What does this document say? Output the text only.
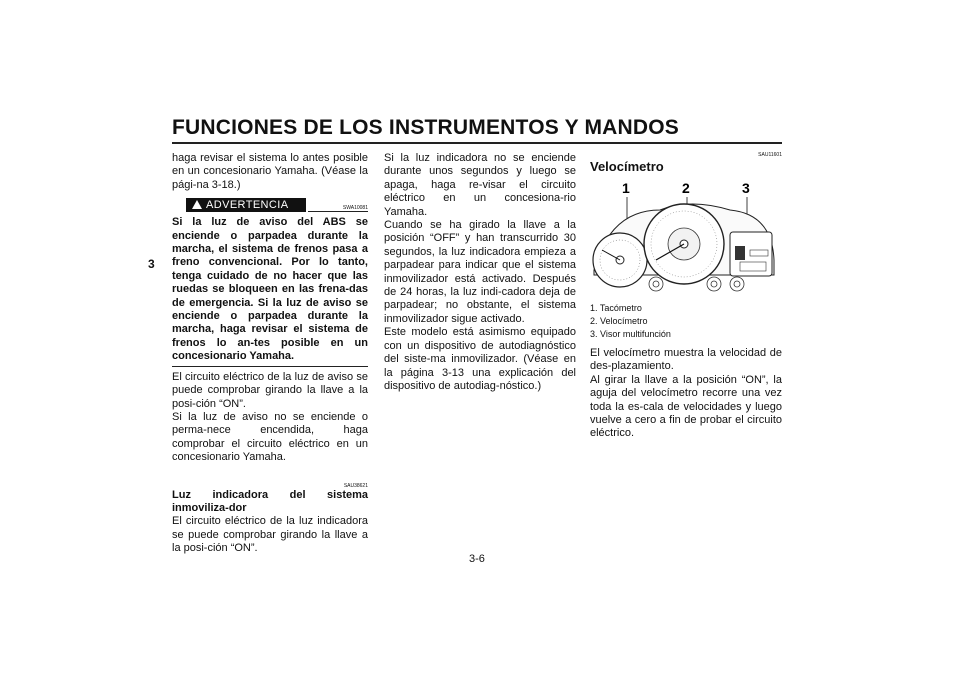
FUNCIONES DE LOS INSTRUMENTOS Y MANDOS
3

haga revisar el sistema lo antes posible en un concesionario Yamaha. (Véase la pági-na 3-18.)

ADVERTENCIA	SWA10081

Si la luz de aviso del ABS se enciende o parpadea durante la marcha, el sistema de frenos pasa a freno convencional. Por lo tanto, tenga cuidado de no hacer que las ruedas se bloqueen en las frena-das de emergencia. Si la luz de aviso se enciende o parpadea durante la marcha, haga revisar el sistema de frenos lo an-tes posible en un concesionario Yamaha.

El circuito eléctrico de la luz de aviso se puede comprobar girando la llave a la posi-ción “ON”.

Si la luz de aviso no se enciende o perma-nece encendida, haga comprobar el circuito eléctrico en un concesionario Yamaha.

SAU38621

Luz indicadora del sistema inmoviliza-dor

El circuito eléctrico de la luz indicadora se puede comprobar girando la llave a la posi-ción “ON”.

Si la luz indicadora no se enciende durante unos segundos y luego se apaga, haga re-visar el circuito eléctrico en un concesiona-rio Yamaha.

Cuando se ha girado la llave a la posición “OFF” y han transcurrido 30 segundos, la luz indicadora empieza a parpadear para indicar que el sistema inmovilizador está activado. Después de 24 horas, la luz indi-cadora deja de parpadear; no obstante, el sistema inmovilizador sigue activado.

Este modelo está asimismo equipado con un dispositivo de autodiagnóstico del siste-ma inmovilizador. (Véase en la página 3-13 una explicación del dispositivo de autodiag-nóstico.)

SAU11601
Velocímetro
1	2	3
1. Tacómetro
2. Velocímetro
3. Visor multifunción

El velocímetro muestra la velocidad de des-plazamiento.

Al girar la llave a la posición “ON”, la aguja del velocímetro recorre una vez toda la es-cala de velocidades y luego vuelve a cero a fin de probar el circuito eléctrico.

3-6
